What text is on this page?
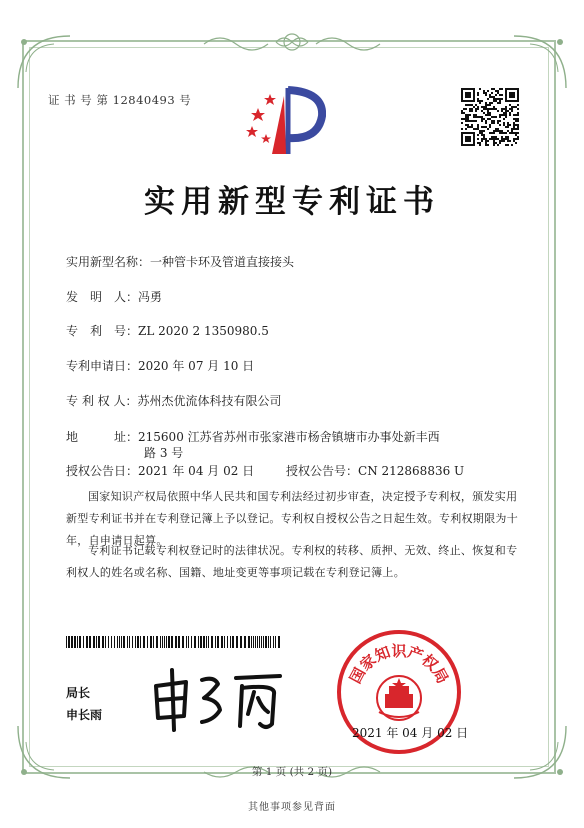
证 书 号 第 12840493 号
实用新型专利证书
实用新型名称：一种管卡环及管道直接接头
发　明　人：冯勇
专　利　号：ZL 2020 2 1350980.5
专利申请日：2020 年 07 月 10 日
专 利 权 人：苏州杰优流体科技有限公司
地　　　址：215600 江苏省苏州市张家港市杨舍镇塘市办事处新丰西
路 3 号
授权公告日：2021 年 04 月 02 日	授权公告号：CN 212868836 U
国家知识产权局依照中华人民共和国专利法经过初步审查，决定授予专利权，颁发实用新型专利证书并在专利登记簿上予以登记。专利权自授权公告之日起生效。专利权期限为十年，自申请日起算。
专利证书记载专利权登记时的法律状况。专利权的转移、质押、无效、终止、恢复和专利权人的姓名或名称、国籍、地址变更等事项记载在专利登记簿上。
局长
申长雨
国家知识产权局
2021 年 04 月 02 日
第 1 页 (共 2 页)
其他事项参见背面
